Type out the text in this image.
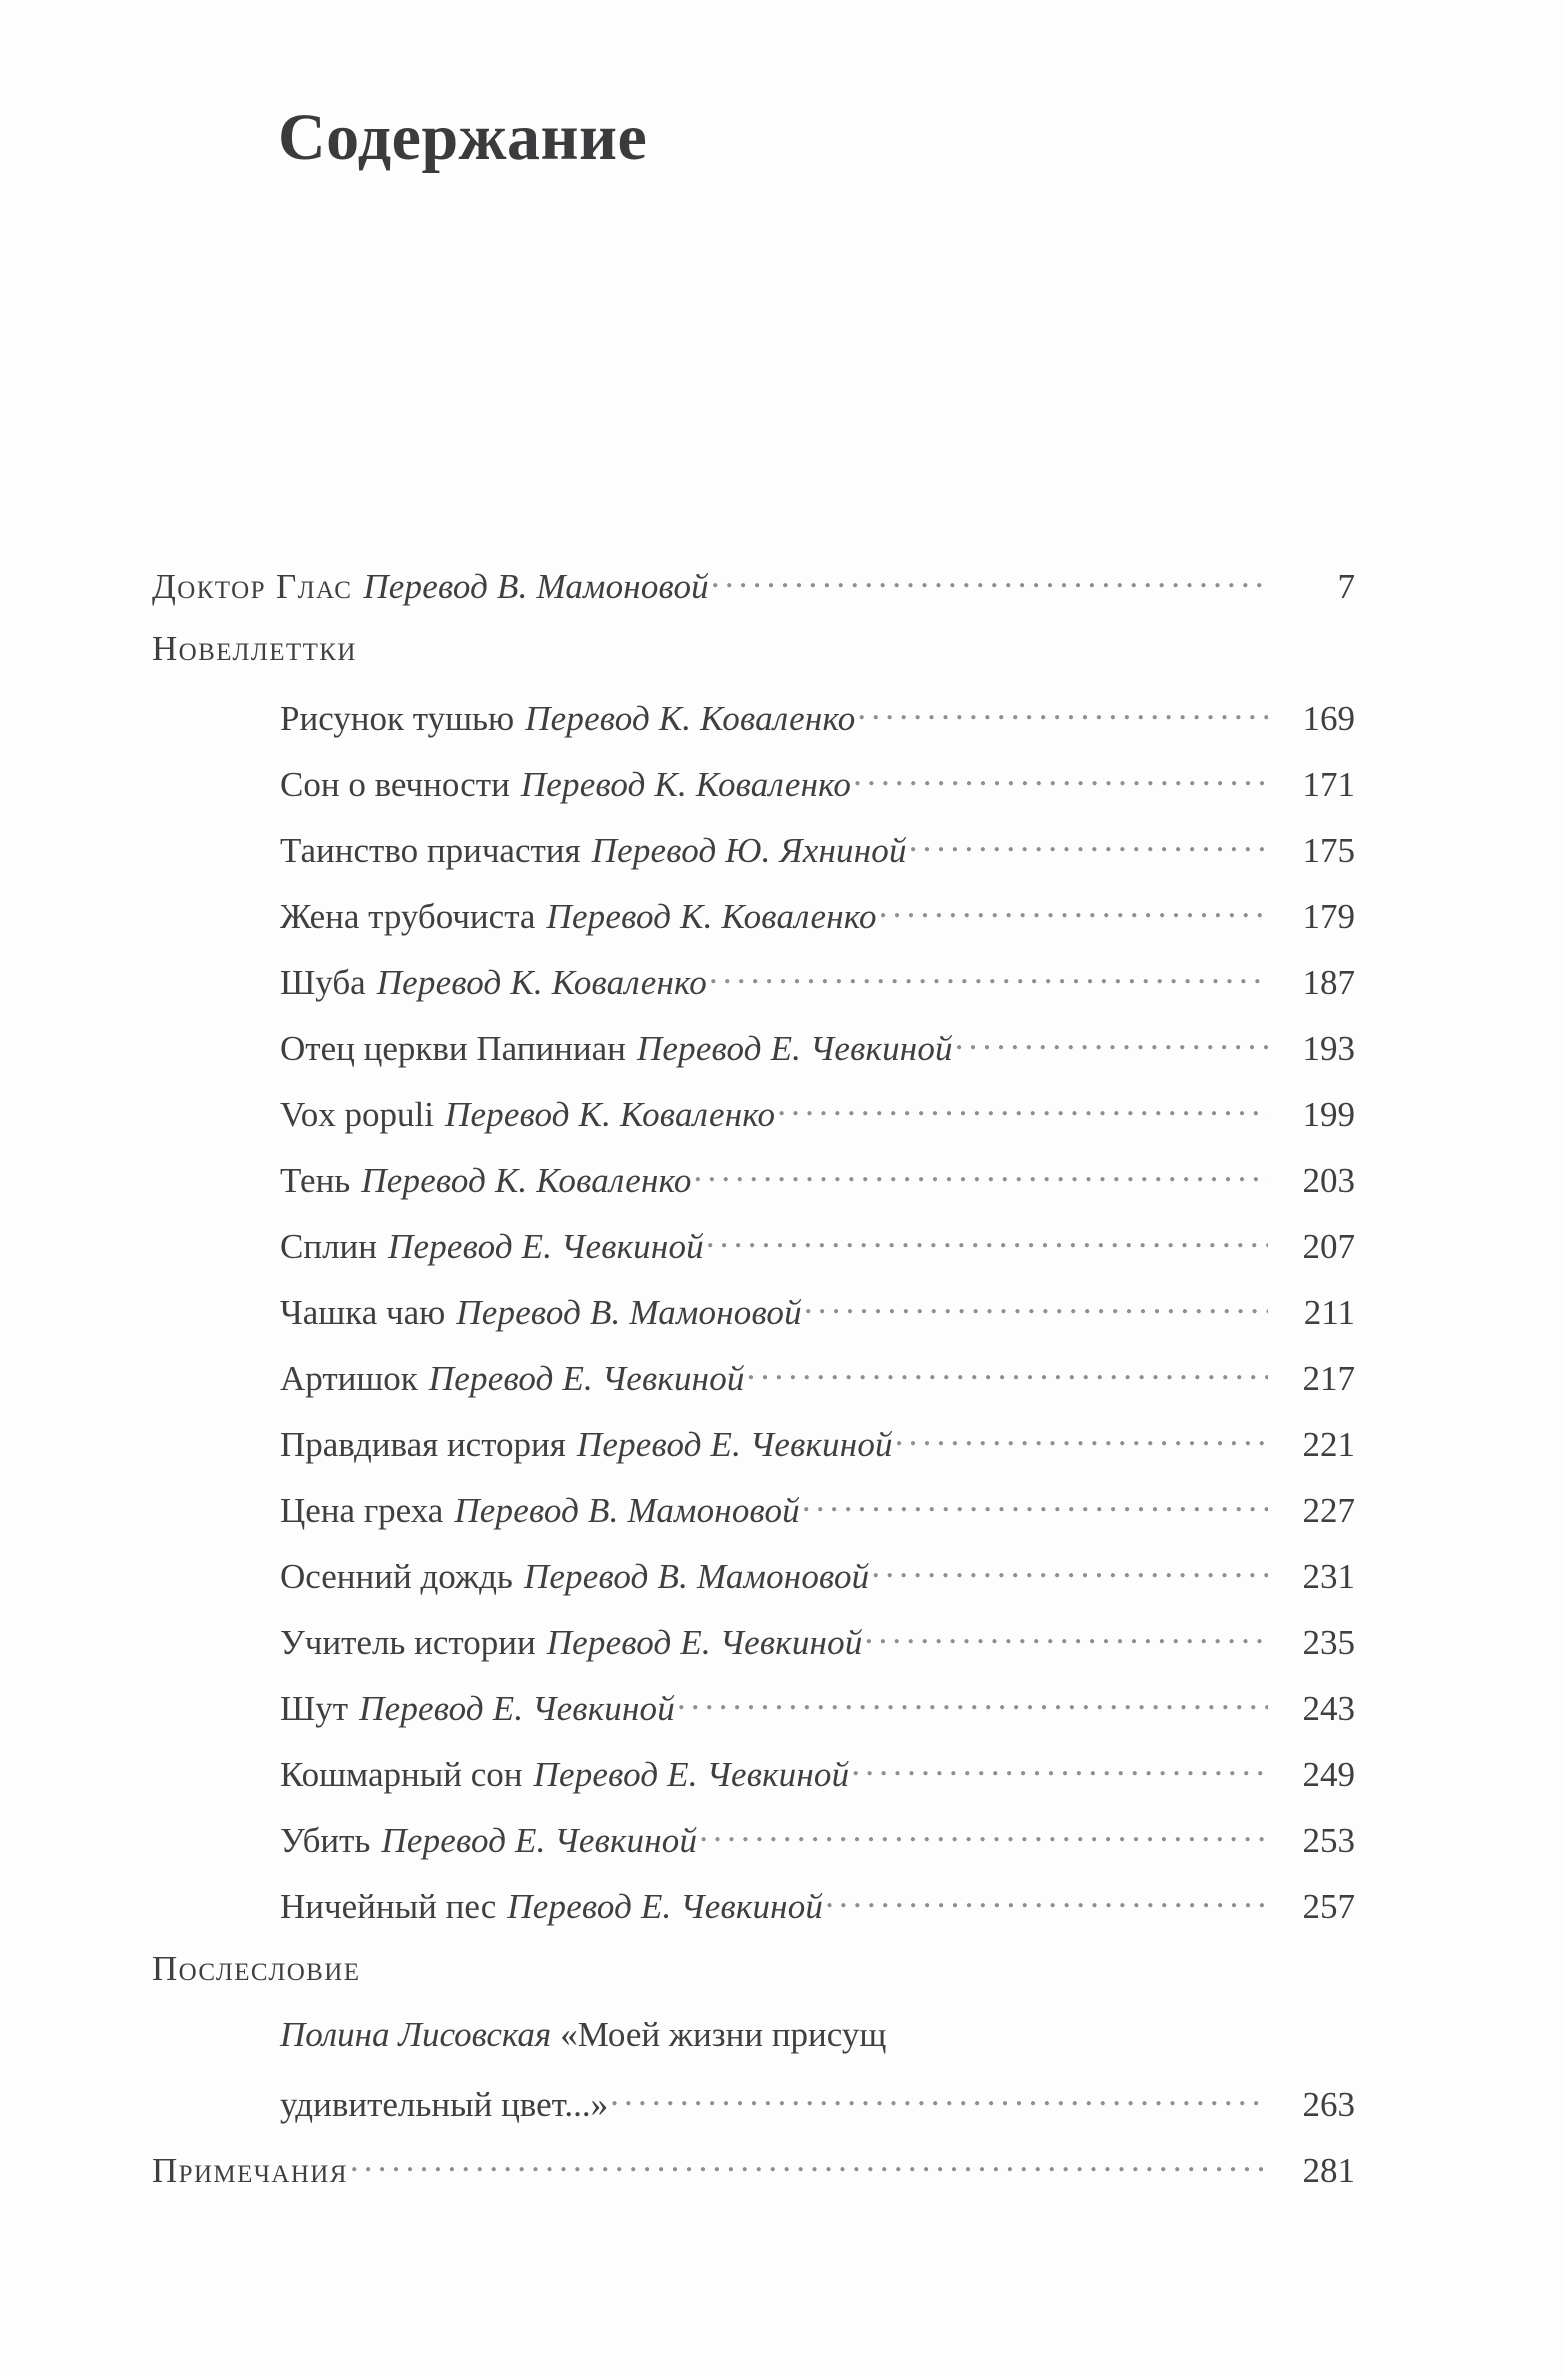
Содержание
Доктор Глас Перевод В. Мамоновой .....	7
Новеллеттки
Рисунок тушью Перевод К. Коваленко .....	169
Сон о вечности Перевод К. Коваленко .....	171
Таинство причастия Перевод Ю. Яхниной .....	175
Жена трубочиста Перевод К. Коваленко .....	179
Шуба Перевод К. Коваленко .....	187
Отец церкви Папиниан Перевод Е. Чевкиной .....	193
Vox populi Перевод К. Коваленко .....	199
Тень Перевод К. Коваленко .....	203
Сплин Перевод Е. Чевкиной .....	207
Чашка чаю Перевод В. Мамоновой .....	211
Артишок Перевод Е. Чевкиной .....	217
Правдивая история Перевод Е. Чевкиной .....	221
Цена греха Перевод В. Мамоновой .....	227
Осенний дождь Перевод В. Мамоновой .....	231
Учитель истории Перевод Е. Чевкиной .....	235
Шут Перевод Е. Чевкиной .....	243
Кошмарный сон Перевод Е. Чевкиной .....	249
Убить Перевод Е. Чевкиной .....	253
Ничейный пес Перевод Е. Чевкиной .....	257
Послесловие
Полина Лисовская «Моей жизни присущ
удивительный цвет...» .....	263
Примечания .....	281
